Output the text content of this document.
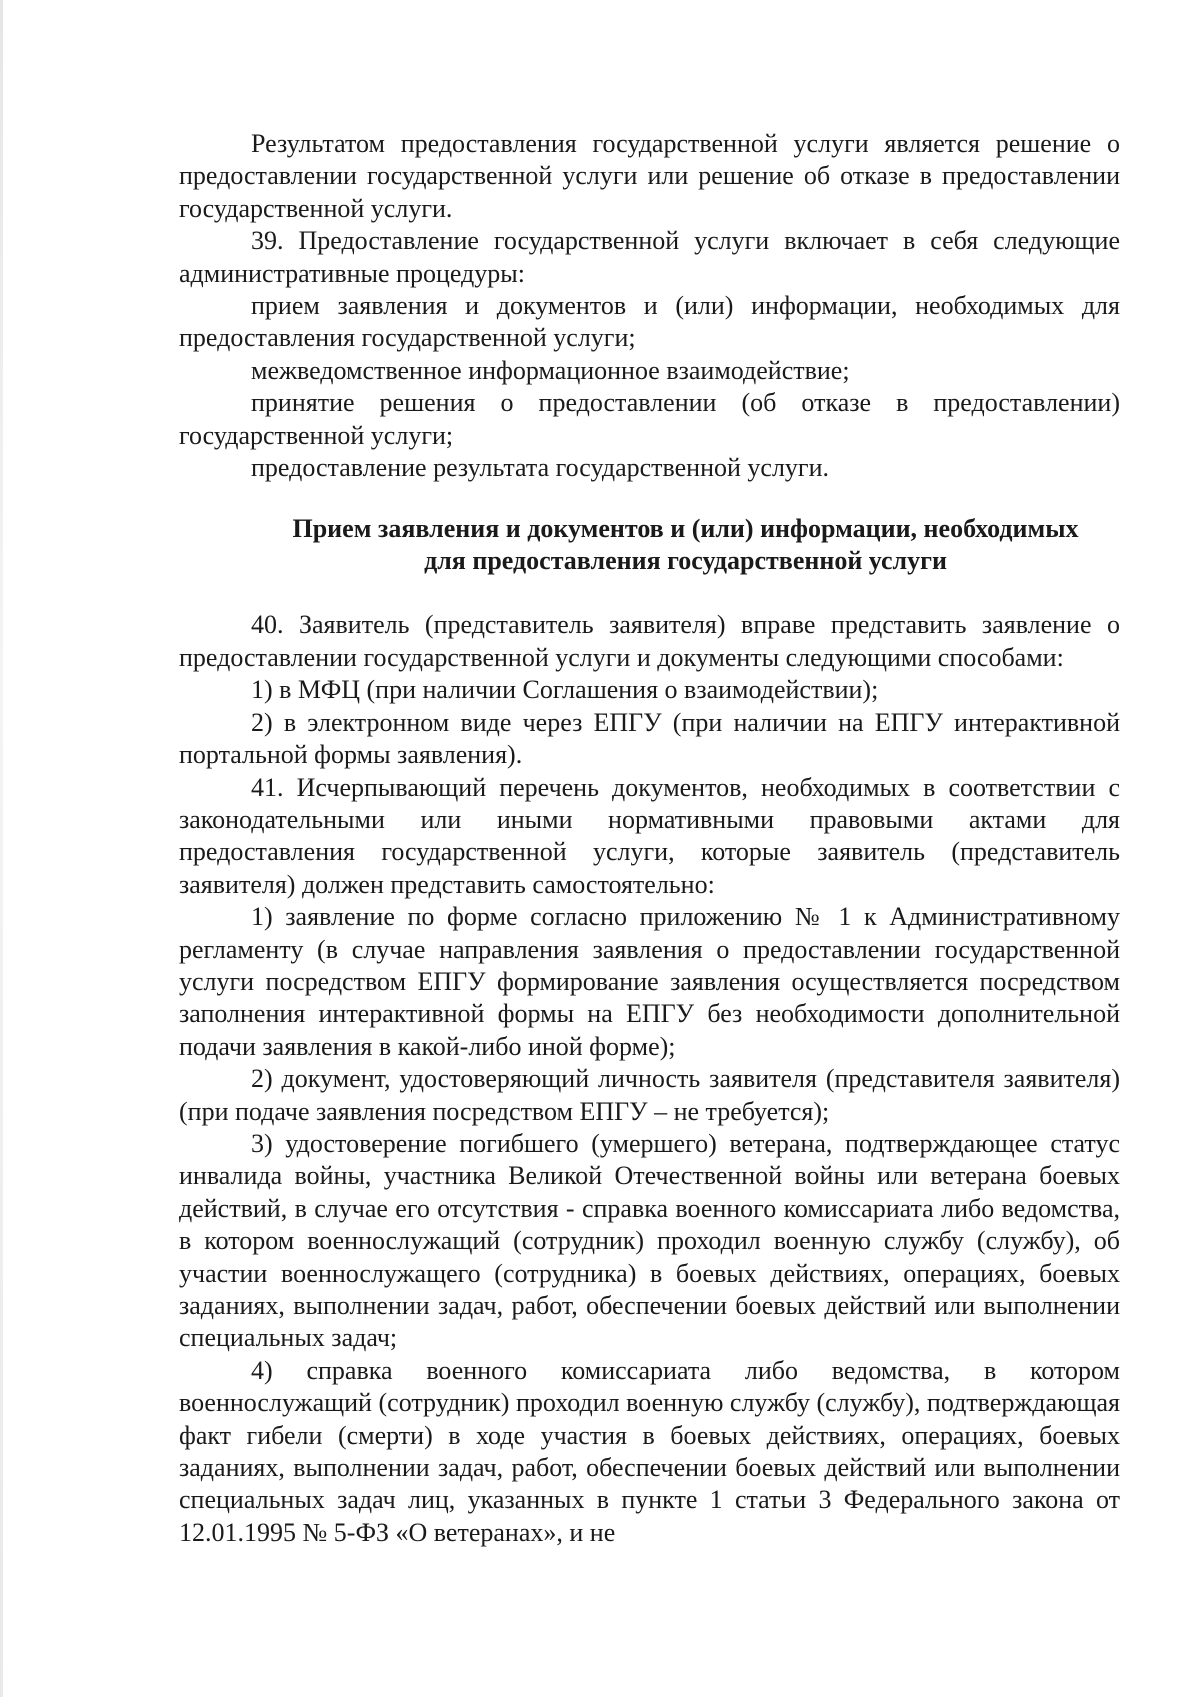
Результатом предоставления государственной услуги является решение о предоставлении государственной услуги или решение об отказе в предоставлении государственной услуги.

39. Предоставление государственной услуги включает в себя следующие административные процедуры:

прием заявления и документов и (или) информации, необходимых для предоставления государственной услуги;

межведомственное информационное взаимодействие;

принятие решения о предоставлении (об отказе в предоставлении) государственной услуги;

предоставление результата государственной услуги.

Прием заявления и документов и (или) информации, необходимых
для предоставления государственной услуги

40. Заявитель (представитель заявителя) вправе представить заявление о предоставлении государственной услуги и документы следующими способами:

1) в МФЦ (при наличии Соглашения о взаимодействии);

2) в электронном виде через ЕПГУ (при наличии на ЕПГУ интерактивной портальной формы заявления).

41. Исчерпывающий перечень документов, необходимых в соответствии с законодательными или иными нормативными правовыми актами для предоставления государственной услуги, которые заявитель (представитель заявителя) должен представить самостоятельно:

1) заявление по форме согласно приложению № 1 к Административному регламенту (в случае направления заявления о предоставлении государственной услуги посредством ЕПГУ формирование заявления осуществляется посредством заполнения интерактивной формы на ЕПГУ без необходимости дополнительной подачи заявления в какой-либо иной форме);

2) документ, удостоверяющий личность заявителя (представителя заявителя) (при подаче заявления посредством ЕПГУ – не требуется);

3) удостоверение погибшего (умершего) ветерана, подтверждающее статус инвалида войны, участника Великой Отечественной войны или ветерана боевых действий, в случае его отсутствия - справка военного комиссариата либо ведомства, в котором военнослужащий (сотрудник) проходил военную службу (службу), об участии военнослужащего (сотрудника) в боевых действиях, операциях, боевых заданиях, выполнении задач, работ, обеспечении боевых действий или выполнении специальных задач;

4) справка военного комиссариата либо ведомства, в котором военнослужащий (сотрудник) проходил военную службу (службу), подтверждающая факт гибели (смерти) в ходе участия в боевых действиях, операциях, боевых заданиях, выполнении задач, работ, обеспечении боевых действий или выполнении специальных задач лиц, указанных в пункте 1 статьи 3 Федерального закона от 12.01.1995 № 5-ФЗ «О ветеранах», и не
